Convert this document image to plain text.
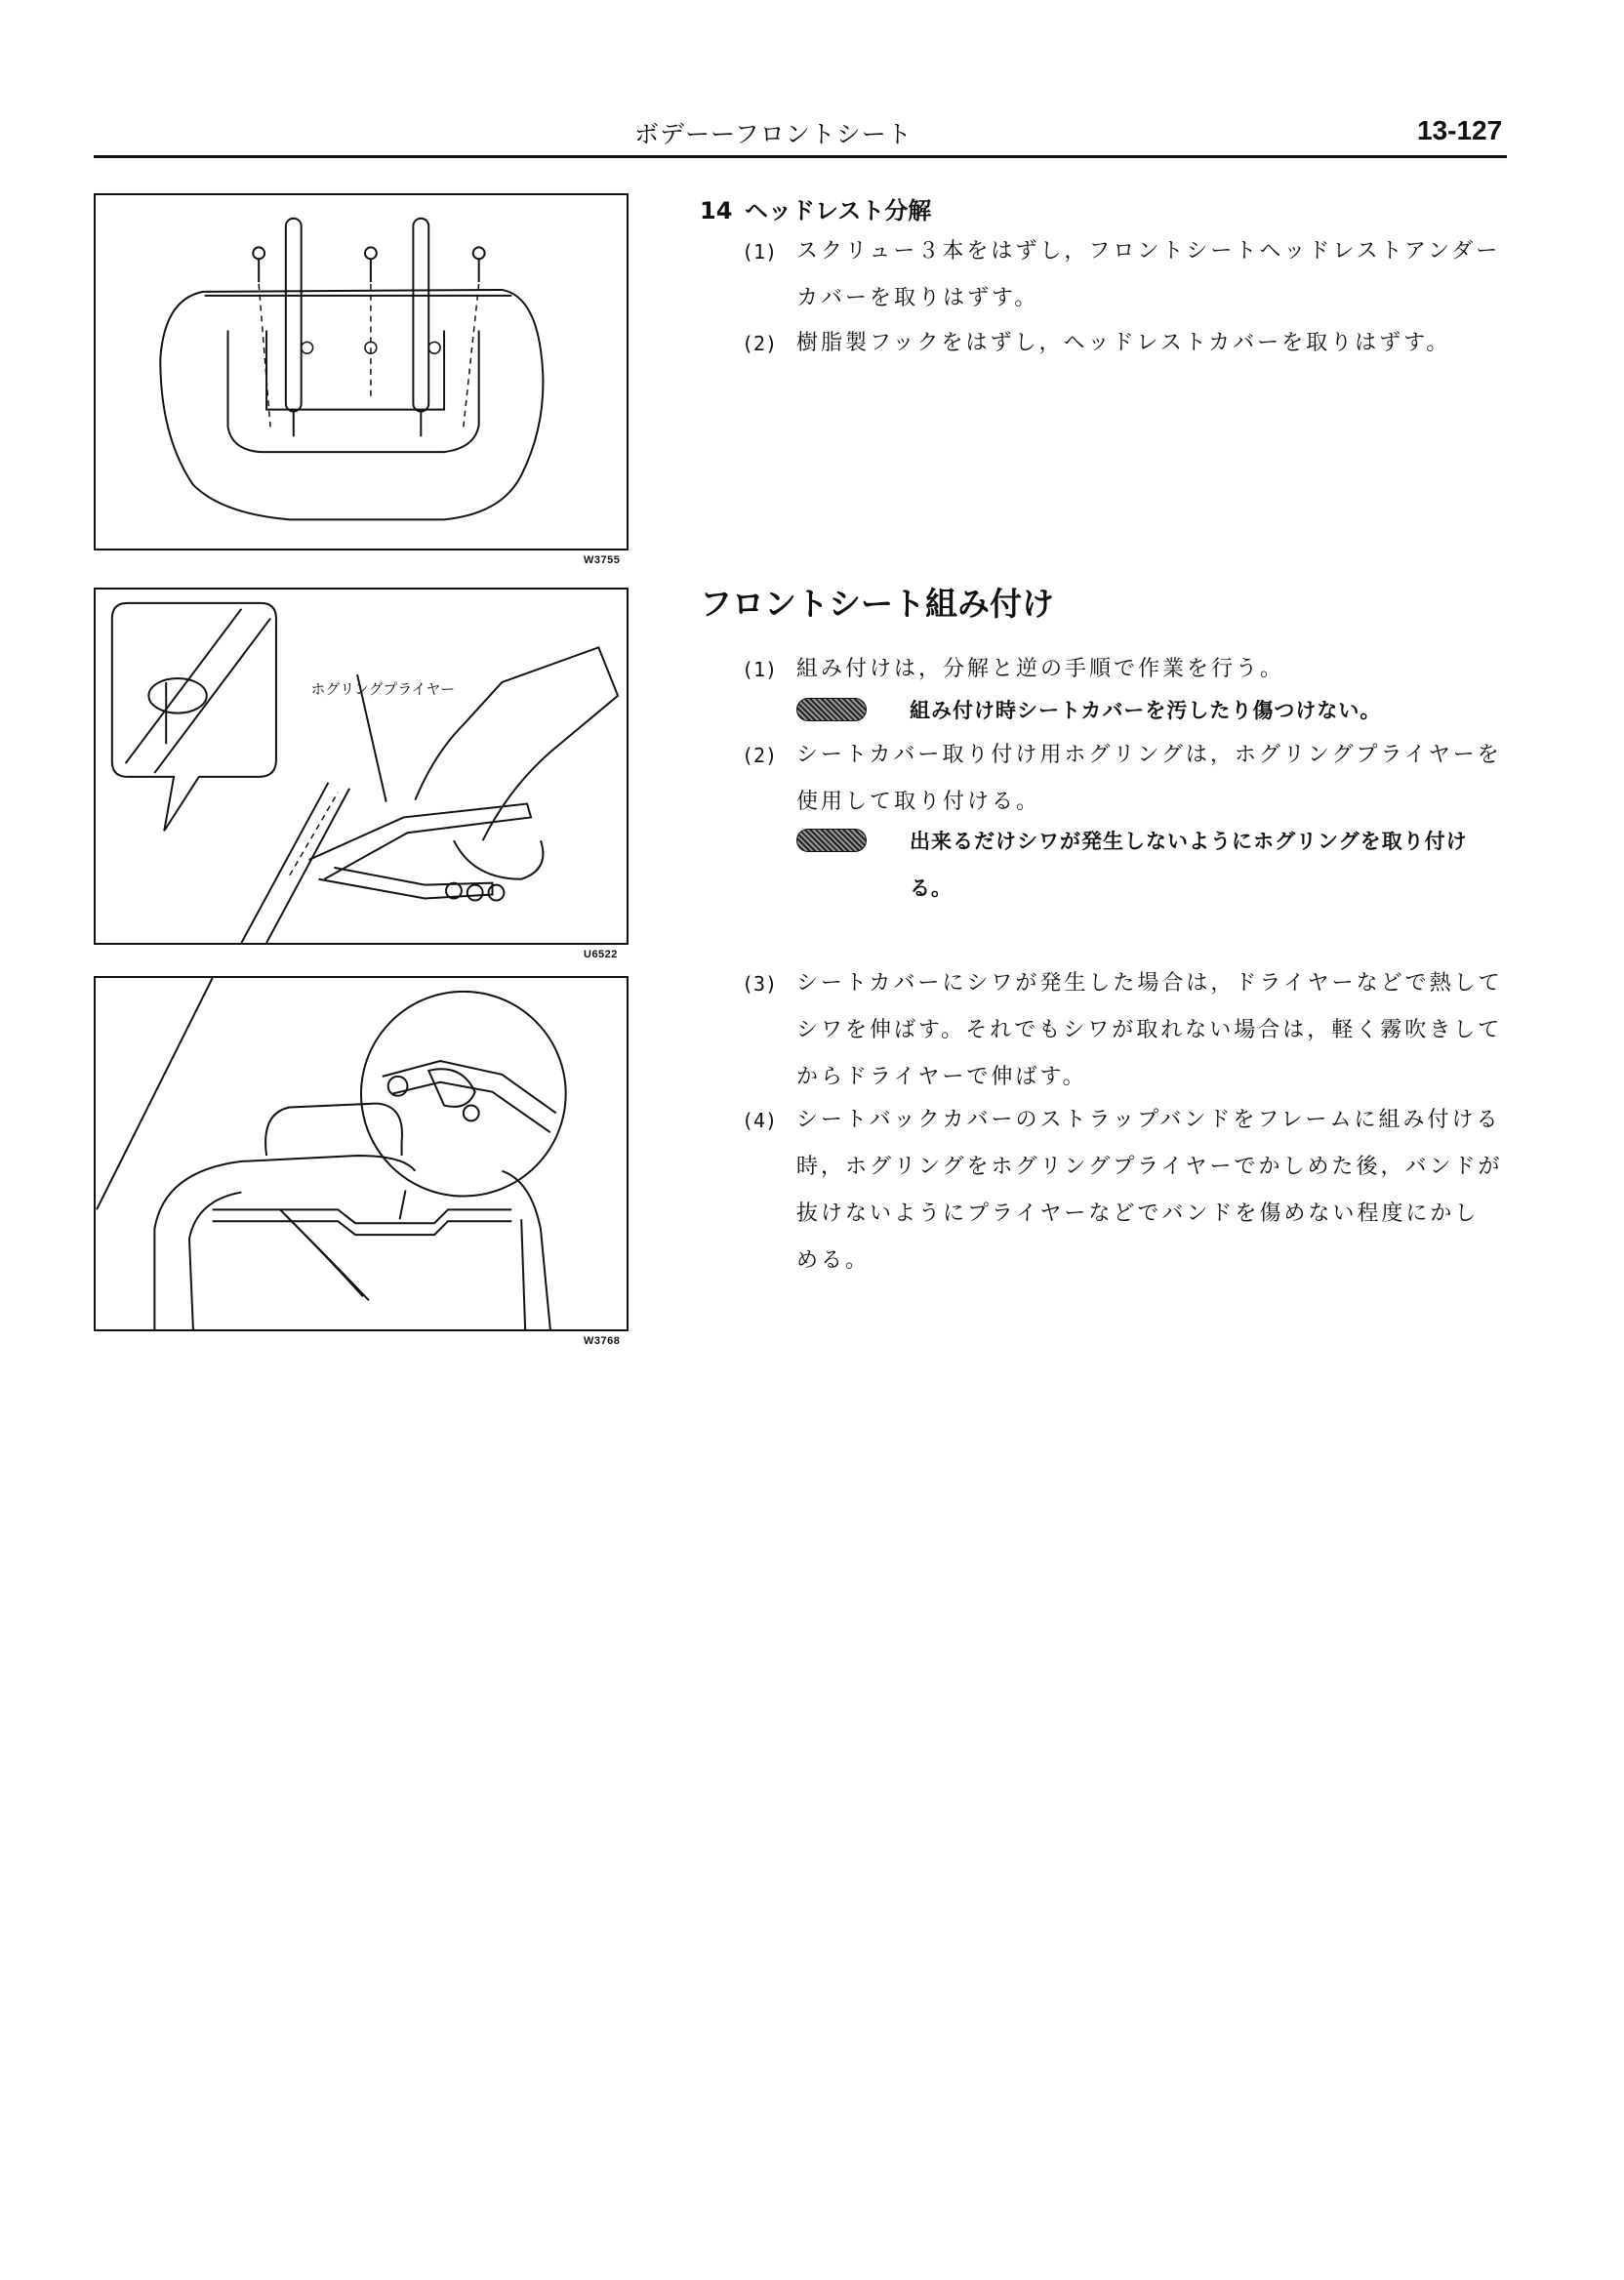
ボデーーフロントシート	13-127
W3755
ホグリングプライヤー
U6522
W3768
14 ヘッドレスト分解
(1) スクリュー３本をはずし，フロントシートヘッドレストアンダーカバーを取りはずす。
(2) 樹脂製フックをはずし，ヘッドレストカバーを取りはずす。
フロントシート組み付け
(1) 組み付けは，分解と逆の手順で作業を行う。
組み付け時シートカバーを汚したり傷つけない。
(2) シートカバー取り付け用ホグリングは，ホグリングプライヤーを使用して取り付ける。
出来るだけシワが発生しないようにホグリングを取り付ける。
(3) シートカバーにシワが発生した場合は，ドライヤーなどで熱してシワを伸ばす。それでもシワが取れない場合は，軽く霧吹きしてからドライヤーで伸ばす。
(4) シートバックカバーのストラップバンドをフレームに組み付ける時，ホグリングをホグリングプライヤーでかしめた後，バンドが抜けないようにプライヤーなどでバンドを傷めない程度にかしめる。
